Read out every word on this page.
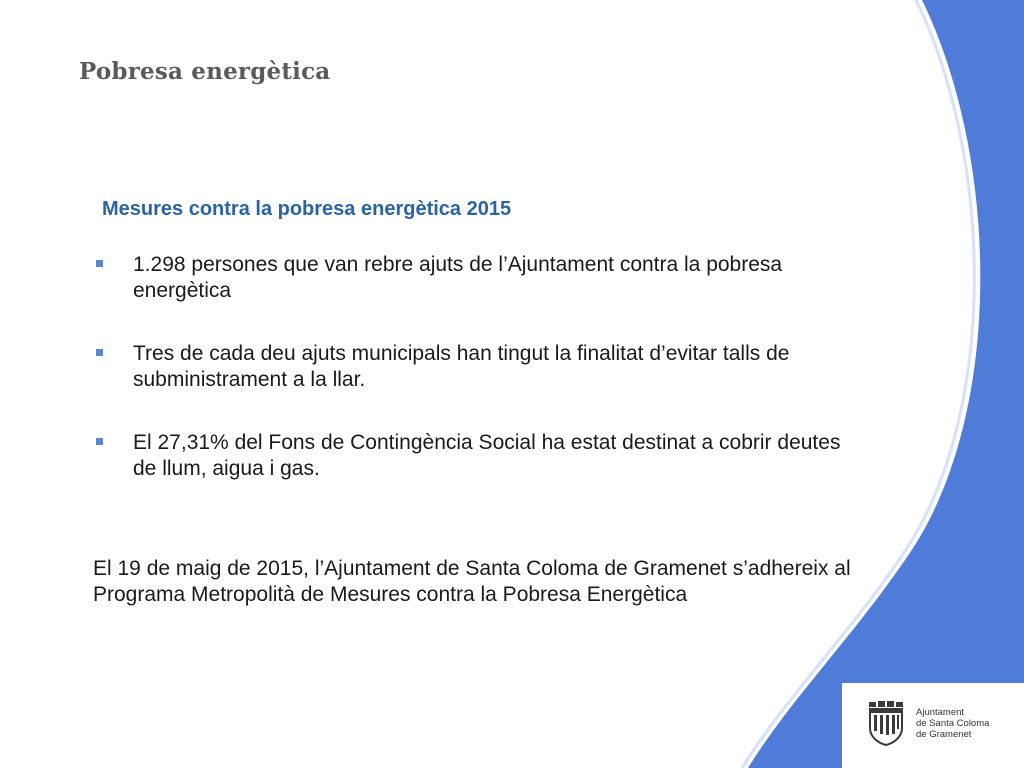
Pobresa energètica
Mesures contra la pobresa energètica 2015
1.298 persones que van rebre ajuts de l’Ajuntament contra la pobresa energètica
Tres de cada deu ajuts municipals han tingut la finalitat d’evitar talls de subministrament a la llar.
El 27,31% del Fons de Contingència Social ha estat destinat a cobrir deutes de llum, aigua i gas.

El 19 de maig de 2015, l’Ajuntament de Santa Coloma de Gramenet s’adhereix al Programa Metropolità de Mesures contra la Pobresa Energètica

Ajuntament
de Santa Coloma
de Gramenet
